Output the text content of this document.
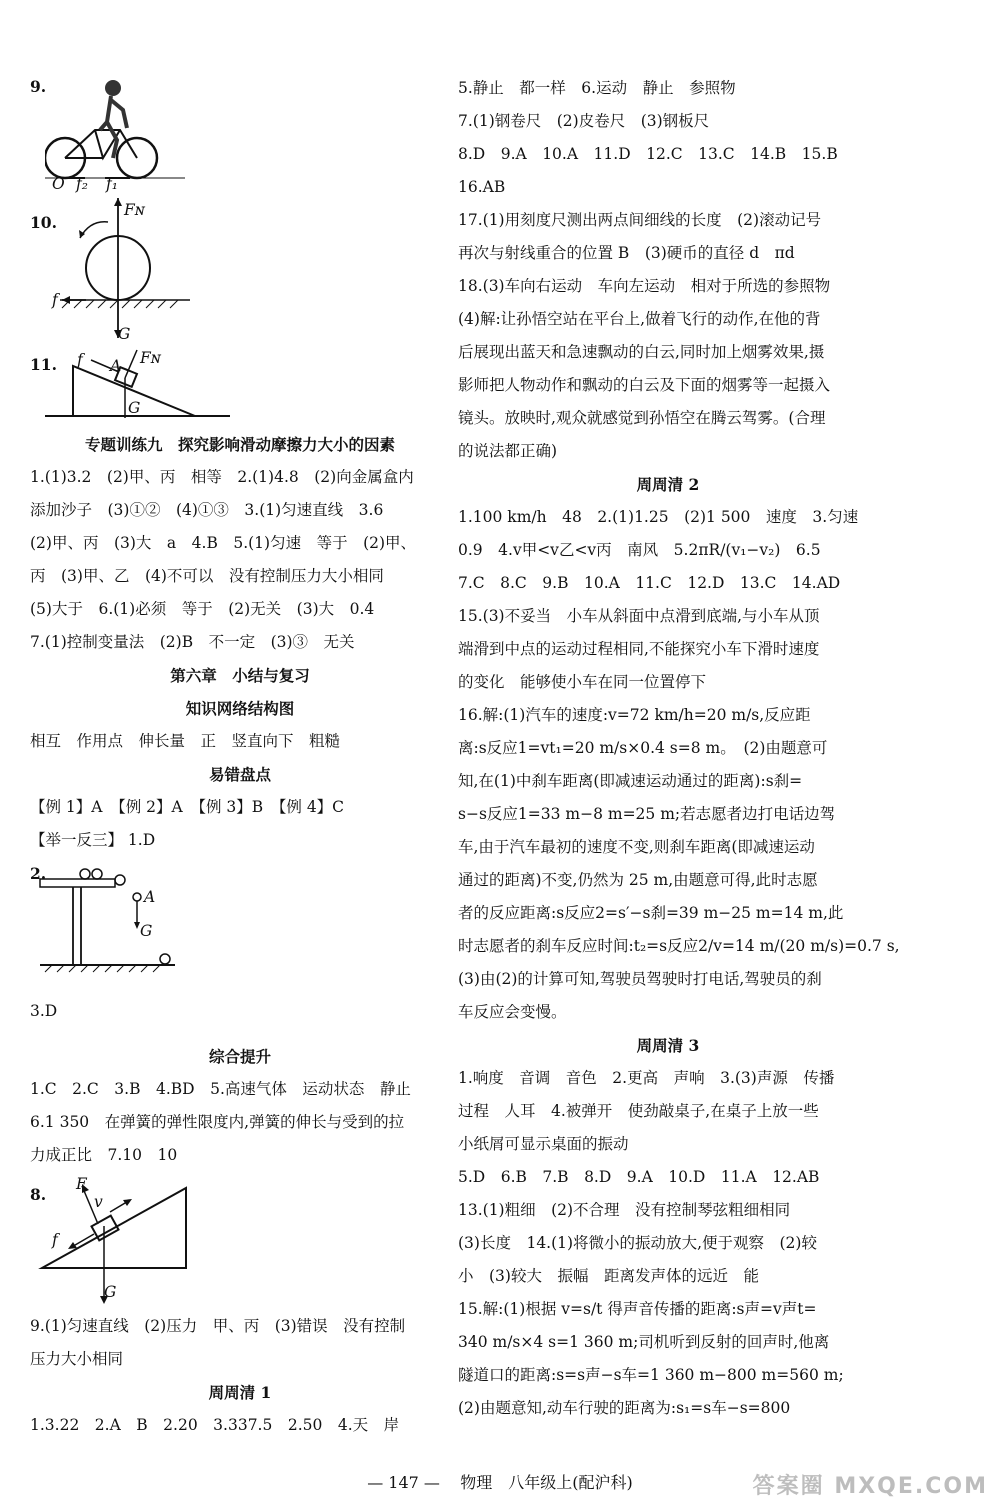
9.
O f₂ f₁
10.
Fɴ
f
G
11. f A Fɴ
G
专题训练九　探究影响滑动摩擦力大小的因素
1.(1)3.2　(2)甲、丙　相等　2.(1)4.8　(2)向金属盒内
添加沙子　(3)①②　(4)①③　3.(1)匀速直线　3.6
(2)甲、丙　(3)大　a　4.B　5.(1)匀速　等于　(2)甲、
丙　(3)甲、乙　(4)不可以　没有控制压力大小相同
(5)大于　6.(1)必须　等于　(2)无关　(3)大　0.4
7.(1)控制变量法　(2)B　不一定　(3)③　无关
第六章　小结与复习
知识网络结构图
相互　作用点　伸长量　正　竖直向下　粗糙
易错盘点
【例 1】A　【例 2】A　【例 3】B　【例 4】C
【举一反三】 1.D
2.
A
G
3.D
综合提升
1.C　2.C　3.B　4.BD　5.高速气体　运动状态　静止
6.1 350　在弹簧的弹性限度内,弹簧的伸长与受到的拉
力成正比　7.10　10
8.
F
v
f
G
9.(1)匀速直线　(2)压力　甲、丙　(3)错误　没有控制
压力大小相同
周周清 1
1.3.22　2.A　B　2.20　3.337.5　2.50　4.天　岸
5.静止　都一样　6.运动　静止　参照物
7.(1)钢卷尺　(2)皮卷尺　(3)钢板尺
8.D　9.A　10.A　11.D　12.C　13.C　14.B　15.B
16.AB
17.(1)用刻度尺测出两点间细线的长度　(2)滚动记号
再次与射线重合的位置 B　(3)硬币的直径 d　πd
18.(3)车向右运动　车向左运动　相对于所选的参照物
(4)解:让孙悟空站在平台上,做着飞行的动作,在他的背
后展现出蓝天和急速飘动的白云,同时加上烟雾效果,摄
影师把人物动作和飘动的白云及下面的烟雾等一起摄入
镜头。放映时,观众就感觉到孙悟空在腾云驾雾。(合理
的说法都正确)
周周清 2
1.100 km/h　48　2.(1)1.25　(2)1 500　速度　3.匀速
0.9　4.v甲<v乙<v丙　南风　5.2πR/(v₁−v₂)　6.5
7.C　8.C　9.B　10.A　11.C　12.D　13.C　14.AD
15.(3)不妥当　小车从斜面中点滑到底端,与小车从顶
端滑到中点的运动过程相同,不能探究小车下滑时速度
的变化　能够使小车在同一位置停下
16.解:(1)汽车的速度:v=72 km/h=20 m/s,反应距
离:s反应1=vt₁=20 m/s×0.4 s=8 m。　(2)由题意可
知,在(1)中刹车距离(即减速运动通过的距离):s刹=
s−s反应1=33 m−8 m=25 m;若志愿者边打电话边驾
车,由于汽车最初的速度不变,则刹车距离(即减速运动
通过的距离)不变,仍然为 25 m,由题意可得,此时志愿
者的反应距离:s反应2=s′−s刹=39 m−25 m=14 m,此
时志愿者的刹车反应时间:t₂=s反应2/v=14 m/(20 m/s)=0.7 s,
(3)由(2)的计算可知,驾驶员驾驶时打电话,驾驶员的刹
车反应会变慢。
周周清 3
1.响度　音调　音色　2.更高　声响　3.(3)声源　传播
过程　人耳　4.被弹开　使劲敲桌子,在桌子上放一些
小纸屑可显示桌面的振动
5.D　6.B　7.B　8.D　9.A　10.D　11.A　12.AB
13.(1)粗细　(2)不合理　没有控制琴弦粗细相同
(3)长度　14.(1)将微小的振动放大,便于观察　(2)较
小　(3)较大　振幅　距离发声体的远近　能
15.解:(1)根据 v=s/t 得声音传播的距离:s声=v声t=
340 m/s×4 s=1 360 m;司机听到反射的回声时,他离
隧道口的距离:s=s声−s车=1 360 m−800 m=560 m;
(2)由题意知,动车行驶的距离为:s₁=s车−s=800
— 147 — 物理　八年级上(配沪科)	答案圈 MXQE.COM
